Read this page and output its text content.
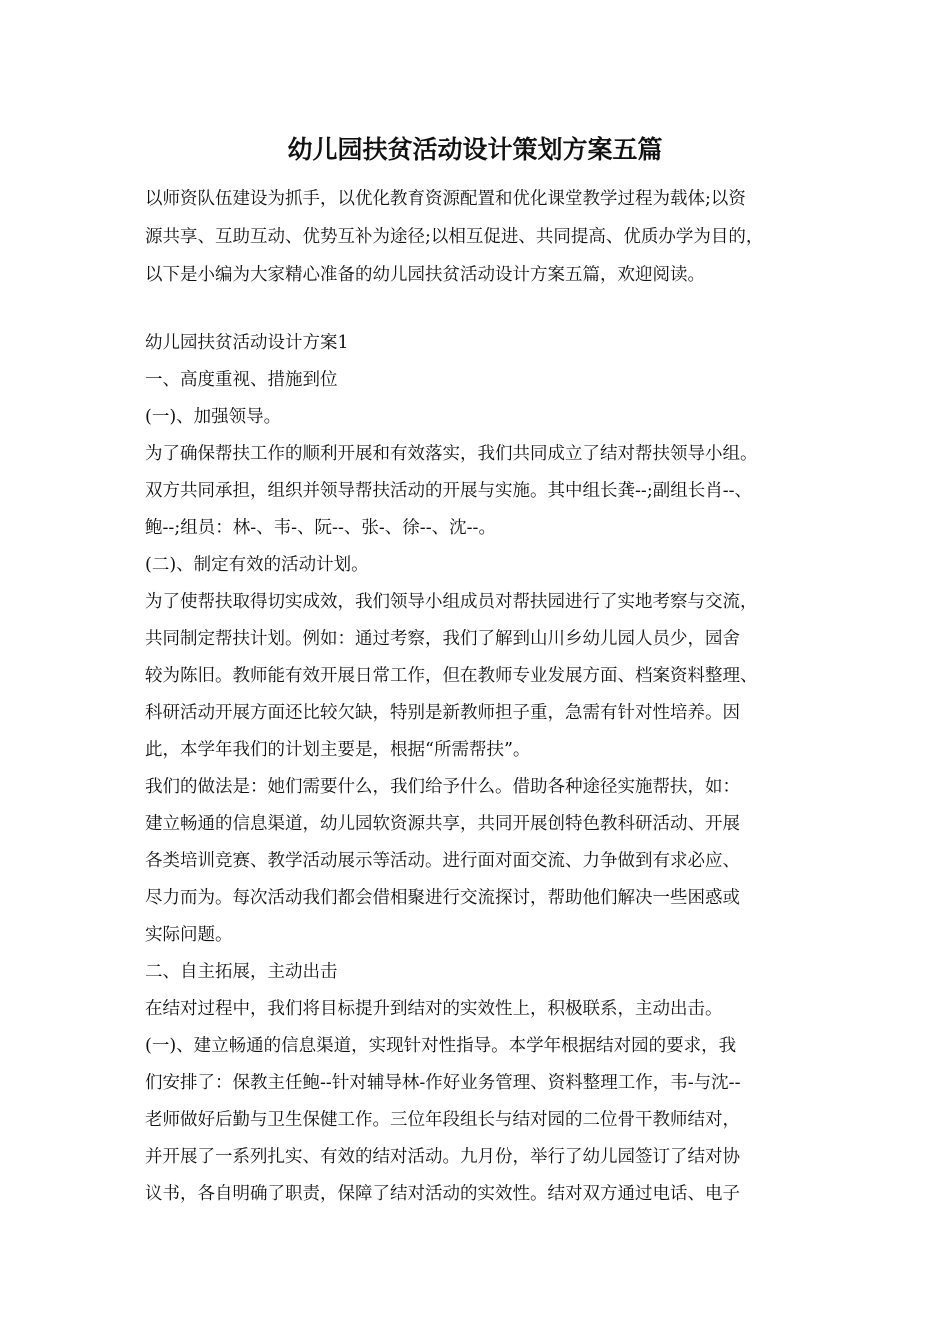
幼儿园扶贫活动设计策划方案五篇
以师资队伍建设为抓手，以优化教育资源配置和优化课堂教学过程为载体;以资
源共享、互助互动、优势互补为途径;以相互促进、共同提高、优质办学为目的，
以下是小编为大家精心准备的幼儿园扶贫活动设计方案五篇，欢迎阅读。
幼儿园扶贫活动设计方案1
一、高度重视、措施到位
(一)、加强领导。
为了确保帮扶工作的顺利开展和有效落实，我们共同成立了结对帮扶领导小组。
双方共同承担，组织并领导帮扶活动的开展与实施。其中组长龚--;副组长肖--、
鲍--;组员：林-、韦-、阮--、张-、徐--、沈--。
(二)、制定有效的活动计划。
为了使帮扶取得切实成效，我们领导小组成员对帮扶园进行了实地考察与交流，
共同制定帮扶计划。例如：通过考察，我们了解到山川乡幼儿园人员少，园舍
较为陈旧。教师能有效开展日常工作，但在教师专业发展方面、档案资料整理、
科研活动开展方面还比较欠缺，特别是新教师担子重，急需有针对性培养。因
此，本学年我们的计划主要是，根据“所需帮扶”。
我们的做法是：她们需要什么，我们给予什么。借助各种途径实施帮扶，如：
建立畅通的信息渠道，幼儿园软资源共享，共同开展创特色教科研活动、开展
各类培训竞赛、教学活动展示等活动。进行面对面交流、力争做到有求必应、
尽力而为。每次活动我们都会借相聚进行交流探讨，帮助他们解决一些困惑或
实际问题。
二、自主拓展，主动出击
在结对过程中，我们将目标提升到结对的实效性上，积极联系，主动出击。
(一)、建立畅通的信息渠道，实现针对性指导。本学年根据结对园的要求，我
们安排了：保教主任鲍--针对辅导林-作好业务管理、资料整理工作，韦-与沈--
老师做好后勤与卫生保健工作。三位年段组长与结对园的二位骨干教师结对，
并开展了一系列扎实、有效的结对活动。九月份，举行了幼儿园签订了结对协
议书，各自明确了职责，保障了结对活动的实效性。结对双方通过电话、电子
